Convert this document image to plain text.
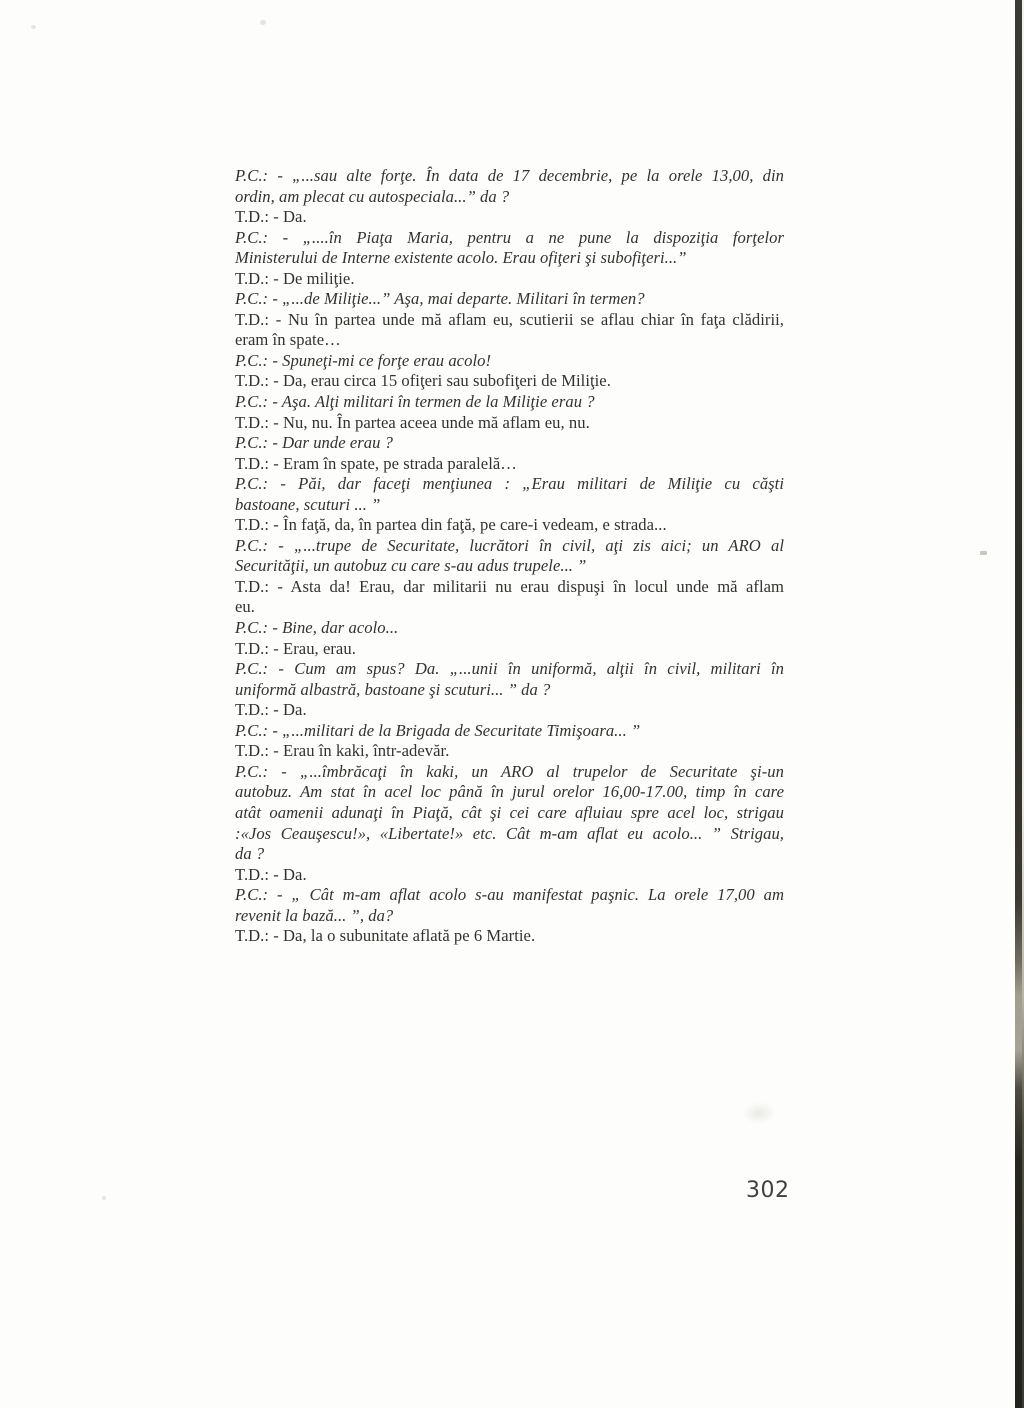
P.C.: - „...sau alte forţe. În data de 17 decembrie, pe la orele 13,00, din
ordin, am plecat cu autospeciala...” da ?
T.D.: - Da.
P.C.: - „....în Piaţa Maria, pentru a ne pune la dispoziţia forţelor
Ministerului de Interne existente acolo. Erau ofiţeri şi subofiţeri...”
T.D.: - De miliţie.
P.C.: - „...de Miliţie...” Aşa, mai departe. Militari în termen?
T.D.: - Nu în partea unde mă aflam eu, scutierii se aflau chiar în faţa clădirii,
eram în spate…
P.C.: - Spuneţi-mi ce forţe erau acolo!
T.D.: - Da, erau circa 15 ofiţeri sau subofiţeri de Miliţie.
P.C.: - Aşa. Alţi militari în termen de la Miliţie erau ?
T.D.: - Nu, nu. În partea aceea unde mă aflam eu, nu.
P.C.: - Dar unde erau ?
T.D.: - Eram în spate, pe strada paralelă…
P.C.: - Păi, dar faceţi menţiunea : „Erau militari de Miliţie cu căşti
bastoane, scuturi ... ”
T.D.: - În faţă, da, în partea din faţă, pe care-i vedeam, e strada...
P.C.: - „...trupe de Securitate, lucrători în civil, aţi zis aici; un ARO al
Securităţii, un autobuz cu care s-au adus trupele... ”
T.D.: - Asta da! Erau, dar militarii nu erau dispuşi în locul unde mă aflam
eu.
P.C.: - Bine, dar acolo...
T.D.: - Erau, erau.
P.C.: - Cum am spus? Da. „...unii în uniformă, alţii în civil, militari în
uniformă albastră, bastoane şi scuturi... ” da ?
T.D.: - Da.
P.C.: - „...militari de la Brigada de Securitate Timişoara... ”
T.D.: - Erau în kaki, într-adevăr.
P.C.: - „...îmbrăcaţi în kaki, un ARO al trupelor de Securitate şi-un
autobuz. Am stat în acel loc până în jurul orelor 16,00-17.00, timp în care
atât oamenii adunaţi în Piaţă, cât şi cei care afluiau spre acel loc, strigau
:«Jos Ceauşescu!», «Libertate!» etc. Cât m-am aflat eu acolo... ” Strigau,
da ?
T.D.: - Da.
P.C.: - „ Cât m-am aflat acolo s-au manifestat paşnic. La orele 17,00 am
revenit la bază... ”, da?
T.D.: - Da, la o subunitate aflată pe 6 Martie.
302
